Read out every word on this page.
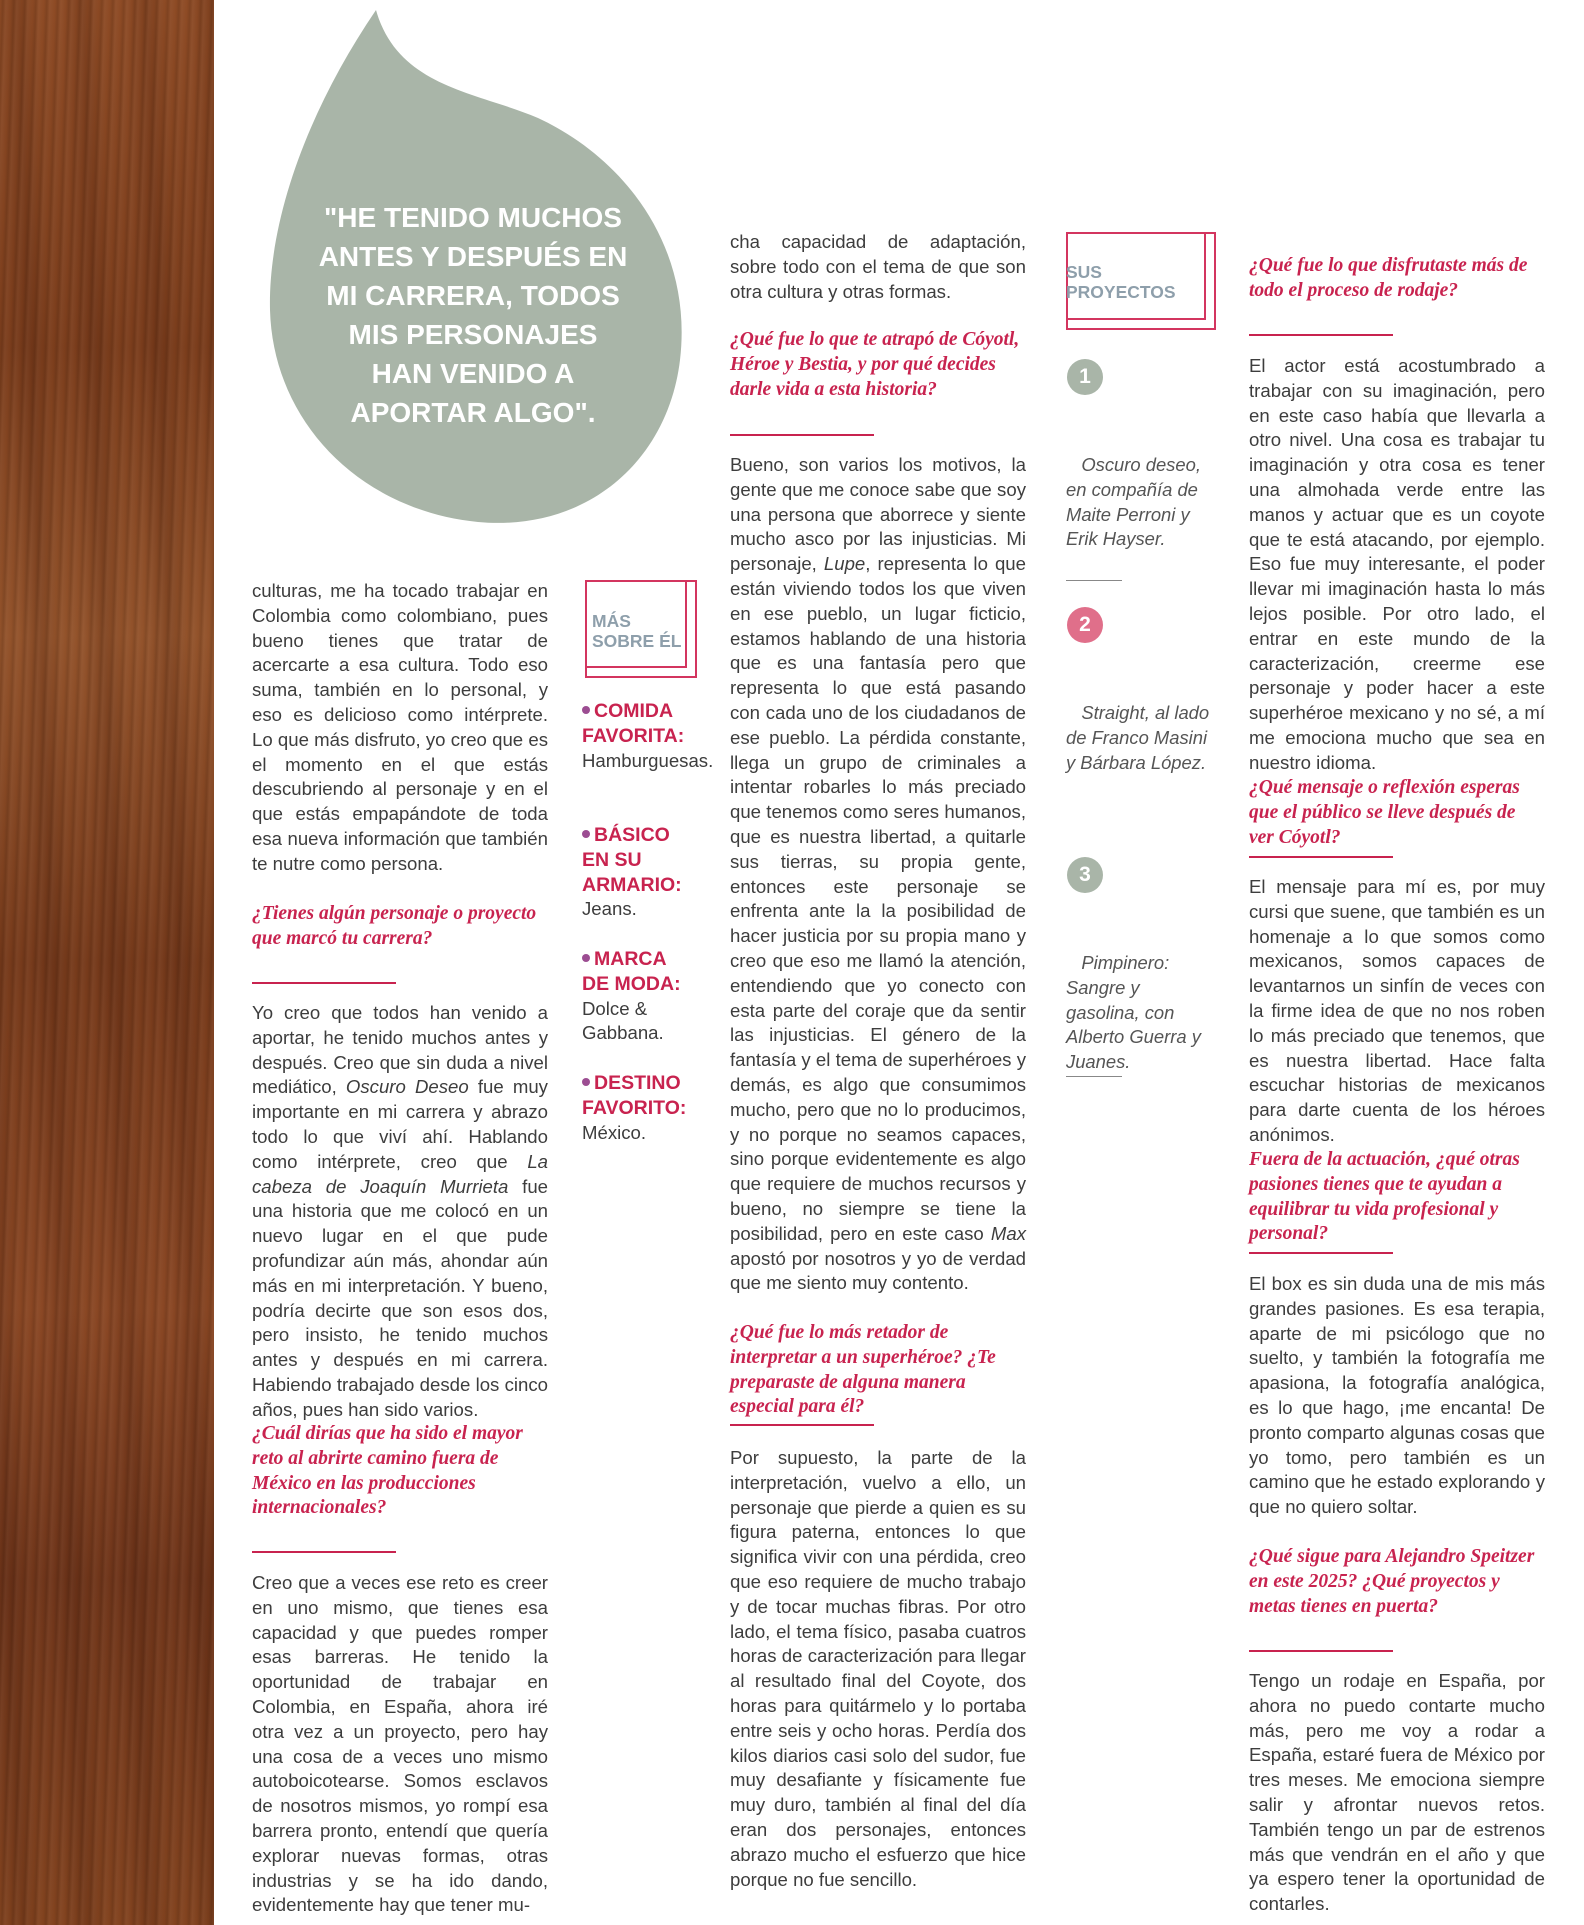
"HE TENIDO MUCHOS ANTES Y DESPUÉS EN MI CARRERA, TODOS MIS PERSONAJES HAN VENIDO A APORTAR ALGO".
culturas, me ha tocado trabajar en Colombia como colombiano, pues bueno tienes que tratar de acercarte a esa cultura. Todo eso suma, también en lo personal, y eso es delicioso como intérprete. Lo que más disfruto, yo creo que es el momento en el que estás descubriendo al personaje y en el que estás empapándote de toda esa nueva información que también te nutre como persona.
¿Tienes algún personaje o proyecto que marcó tu carrera?
Yo creo que todos han venido a aportar, he tenido muchos antes y después. Creo que sin duda a nivel mediático, Oscuro Deseo fue muy importante en mi carrera y abrazo todo lo que viví ahí. Hablando como intérprete, creo que La cabeza de Joaquín Murrieta fue una historia que me colocó en un nuevo lugar en el que pude profundizar aún más, ahondar aún más en mi interpretación. Y bueno, podría decirte que son esos dos, pero insisto, he tenido muchos antes y después en mi carrera. Habiendo trabajado desde los cinco años, pues han sido varios.
¿Cuál dirías que ha sido el mayor reto al abrirte camino fuera de México en las producciones internacionales?
Creo que a veces ese reto es creer en uno mismo, que tienes esa capacidad y que puedes romper esas barreras. He tenido la oportunidad de trabajar en Colombia, en España, ahora iré otra vez a un proyecto, pero hay una cosa de a veces uno mismo autoboicotearse. Somos esclavos de nosotros mismos, yo rompí esa barrera pronto, entendí que quería explorar nuevas formas, otras industrias y se ha ido dando, evidentemente hay que tener mu-
MÁS SOBRE ÉL
COMIDA FAVORITA:
Hamburguesas.
BÁSICO EN SU ARMARIO:
Jeans.
MARCA DE MODA:
Dolce & Gabbana.
DESTINO FAVORITO:
México.
cha capacidad de adaptación, sobre todo con el tema de que son otra cultura y otras formas.
¿Qué fue lo que te atrapó de Cóyotl, Héroe y Bestia, y por qué decides darle vida a esta historia?
Bueno, son varios los motivos, la gente que me conoce sabe que soy una persona que aborrece y siente mucho asco por las injusticias. Mi personaje, Lupe, representa lo que están viviendo todos los que viven en ese pueblo, un lugar ficticio, estamos hablando de una historia que es una fantasía pero que representa lo que está pasando con cada uno de los ciudadanos de ese pueblo. La pérdida constante, llega un grupo de criminales a intentar robarles lo más preciado que tenemos como seres humanos, que es nuestra libertad, a quitarle sus tierras, su propia gente, entonces este personaje se enfrenta ante la la posibilidad de hacer justicia por su propia mano y creo que eso me llamó la atención, entendiendo que yo conecto con esta parte del coraje que da sentir las injusticias. El género de la fantasía y el tema de superhéroes y demás, es algo que consumimos mucho, pero que no lo producimos, y no porque no seamos capaces, sino porque evidentemente es algo que requiere de muchos recursos y bueno, no siempre se tiene la posibilidad, pero en este caso Max apostó por nosotros y yo de verdad que me siento muy contento.
¿Qué fue lo más retador de interpretar a un superhéroe? ¿Te preparaste de alguna manera especial para él?
Por supuesto, la parte de la interpretación, vuelvo a ello, un personaje que pierde a quien es su figura paterna, entonces lo que significa vivir con una pérdida, creo que eso requiere de mucho trabajo y de tocar muchas fibras. Por otro lado, el tema físico, pasaba cuatros horas de caracterización para llegar al resultado final del Coyote, dos horas para quitármelo y lo portaba entre seis y ocho horas. Perdía dos kilos diarios casi solo del sudor, fue muy desafiante y físicamente fue muy duro, también al final del día eran dos personajes, entonces abrazo mucho el esfuerzo que hice porque no fue sencillo.
SUS PROYECTOS
1
Oscuro deseo, en compañía de Maite Perroni y Erik Hayser.
2
Straight, al lado de Franco Masini y Bárbara López.
3
Pimpinero: Sangre y gasolina, con Alberto Guerra y Juanes.
¿Qué fue lo que disfrutaste más de todo el proceso de rodaje?
El actor está acostumbrado a trabajar con su imaginación, pero en este caso había que llevarla a otro nivel. Una cosa es trabajar tu imaginación y otra cosa es tener una almohada verde entre las manos y actuar que es un coyote que te está atacando, por ejemplo. Eso fue muy interesante, el poder llevar mi imaginación hasta lo más lejos posible. Por otro lado, el entrar en este mundo de la caracterización, creerme ese personaje y poder hacer a este superhéroe mexicano y no sé, a mí me emociona mucho que sea en nuestro idioma.
¿Qué mensaje o reflexión esperas que el público se lleve después de ver Cóyotl?
El mensaje para mí es, por muy cursi que suene, que también es un homenaje a lo que somos como mexicanos, somos capaces de levantarnos un sinfín de veces con la firme idea de que no nos roben lo más preciado que tenemos, que es nuestra libertad. Hace falta escuchar historias de mexicanos para darte cuenta de los héroes anónimos.
Fuera de la actuación, ¿qué otras pasiones tienes que te ayudan a equilibrar tu vida profesional y personal?
El box es sin duda una de mis más grandes pasiones. Es esa terapia, aparte de mi psicólogo que no suelto, y también la fotografía me apasiona, la fotografía analógica, es lo que hago, ¡me encanta! De pronto comparto algunas cosas que yo tomo, pero también es un camino que he estado explorando y que no quiero soltar.
¿Qué sigue para Alejandro Speitzer en este 2025? ¿Qué proyectos y metas tienes en puerta?
Tengo un rodaje en España, por ahora no puedo contarte mucho más, pero me voy a rodar a España, estaré fuera de México por tres meses. Me emociona siempre salir y afrontar nuevos retos. También tengo un par de estrenos más que vendrán en el año y que ya espero tener la oportunidad de contarles.
